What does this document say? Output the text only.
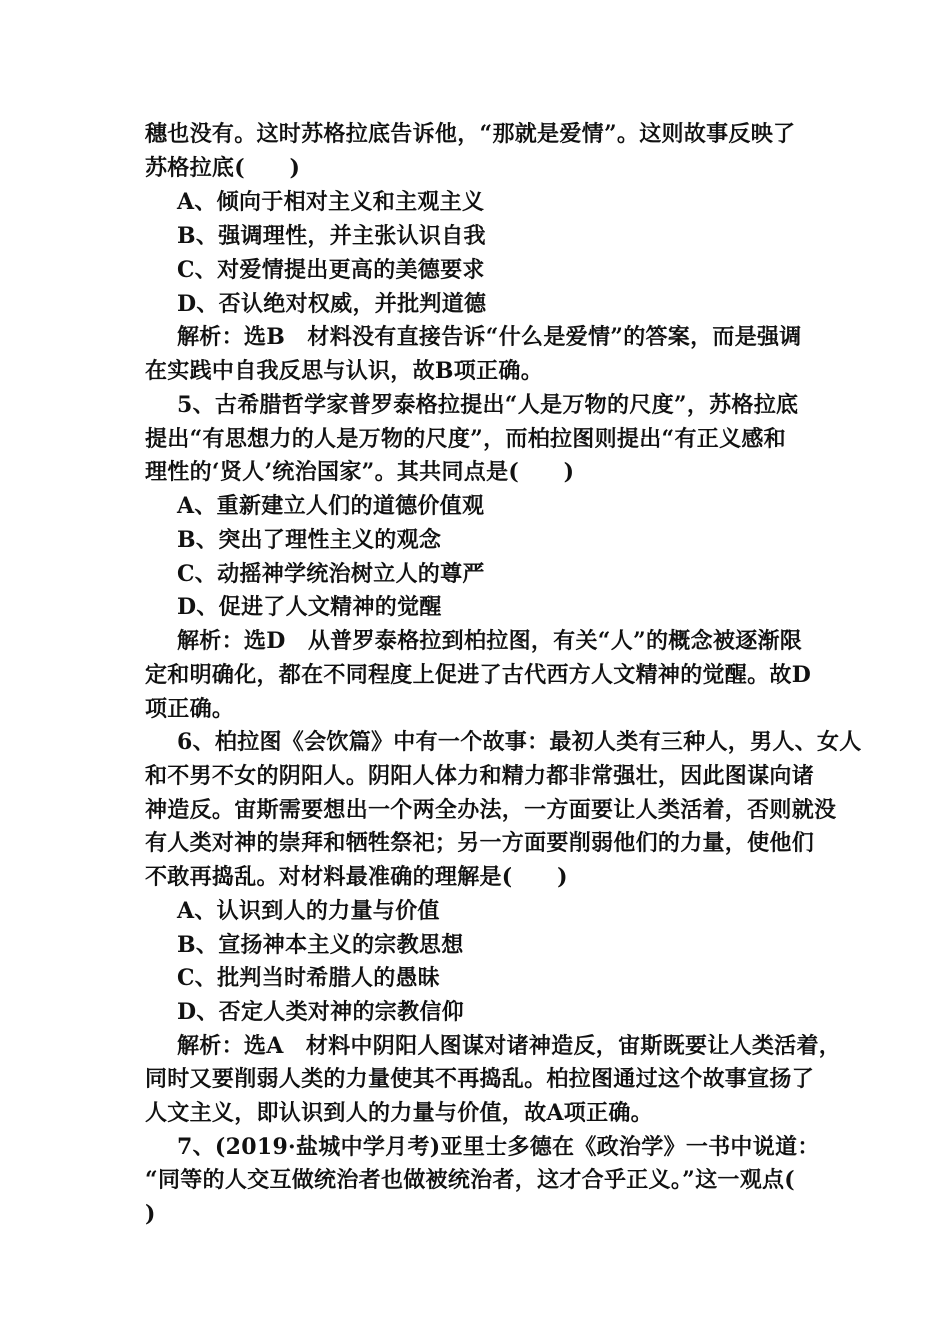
穗也没有。这时苏格拉底告诉他，“那就是爱情”。这则故事反映了
苏格拉底(　　)
A、倾向于相对主义和主观主义
B、强调理性，并主张认识自我
C、对爱情提出更高的美德要求
D、否认绝对权威，并批判道德
解析：选B　材料没有直接告诉“什么是爱情”的答案，而是强调
在实践中自我反思与认识，故B项正确。
5、古希腊哲学家普罗泰格拉提出“人是万物的尺度”，苏格拉底
提出“有思想力的人是万物的尺度”，而柏拉图则提出“有正义感和
理性的‘贤人’统治国家”。其共同点是(　　)
A、重新建立人们的道德价值观
B、突出了理性主义的观念
C、动摇神学统治树立人的尊严
D、促进了人文精神的觉醒
解析：选D　从普罗泰格拉到柏拉图，有关“人”的概念被逐渐限
定和明确化，都在不同程度上促进了古代西方人文精神的觉醒。故D
项正确。
6、柏拉图《会饮篇》中有一个故事：最初人类有三种人，男人、女人
和不男不女的阴阳人。阴阳人体力和精力都非常强壮，因此图谋向诸
神造反。宙斯需要想出一个两全办法，一方面要让人类活着，否则就没
有人类对神的崇拜和牺牲祭祀；另一方面要削弱他们的力量，使他们
不敢再捣乱。对材料最准确的理解是(　　)
A、认识到人的力量与价值
B、宣扬神本主义的宗教思想
C、批判当时希腊人的愚昧
D、否定人类对神的宗教信仰
解析：选A　材料中阴阳人图谋对诸神造反，宙斯既要让人类活着，
同时又要削弱人类的力量使其不再捣乱。柏拉图通过这个故事宣扬了
人文主义，即认识到人的力量与价值，故A项正确。
7、(2019·盐城中学月考)亚里士多德在《政治学》一书中说道：
“同等的人交互做统治者也做被统治者，这才合乎正义。”这一观点(
)
